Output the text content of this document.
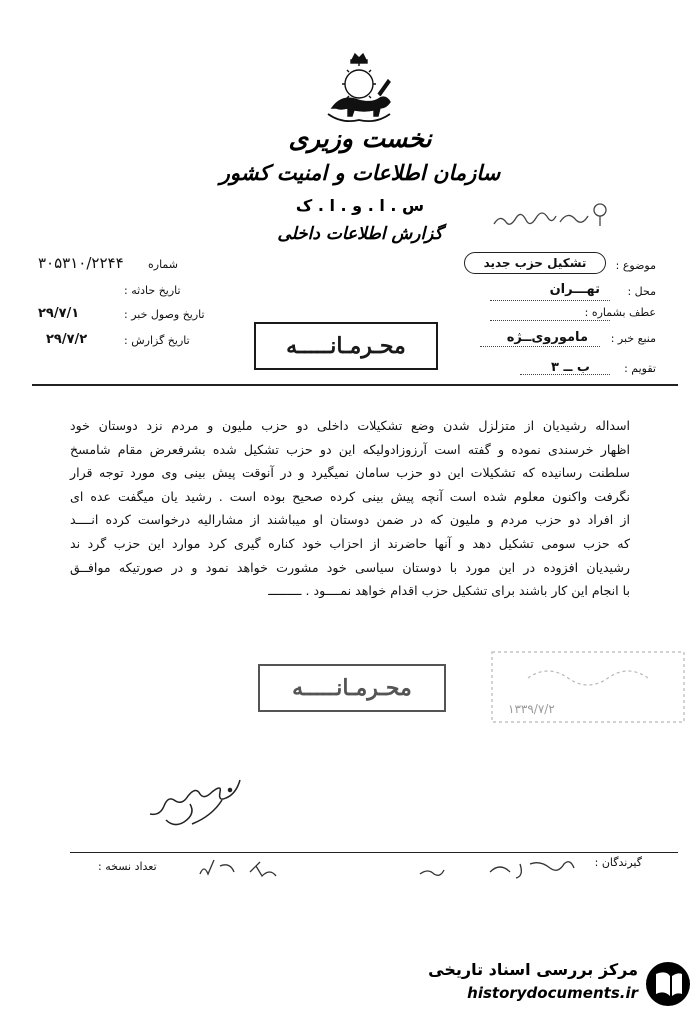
نخست وزیری
سازمان اطلاعات و امنیت کشور
س . ا . و . ا . ک
گزارش اطلاعات داخلی
موضوع :
تشکیل حزب جدید
محل :
تهـــران
عطف بشماره :
منبع خبر :
ماموروی‌ــژه
تقویم :
ب ــ ۳
شماره
۳۰۵۳۱۰/۲۲۴۴
تاریخ حادثه :
تاریخ وصول خبر :
۲۹/۷/۱
تاریخ گزارش :
۲۹/۷/۲	محـرمـانـــــه

اسداله رشیدیان از متزلزل شدن وضع تشکیلات داخلی دو حزب ملیون و مردم نزد دوستان خود

اظهار خرسندی نموده و گفته است آرزوزادولیکه این دو حزب تشکیل شده بشرفعرض مقام شامسخ

سلطنت رسانیده که تشکیلات این دو حزب سامان نمیگیرد و در آنوقت پیش بینی وی مورد توجه قرار

نگرفت واکنون معلوم شده است آنچه پیش بینی کرده صحیح بوده است . رشید یان میگفت عده ای

از افراد دو حزب مردم و ملیون که در ضمن دوستان او میباشند از مشارالیه درخواست کرده انــــد

که حزب سومی تشکیل دهد و آنها حاضرند از احزاب خود کناره گیری کرد موارد این حزب گرد ند

رشیدیان افزوده در این مورد با دوستان سیاسی خود مشورت خواهد نمود و در صورتیکه موافــق

با انجام این کار باشند برای تشکیل حزب اقدام خواهد نمــــود . ـــــــــ

۱۳۳۹/۷/۲
محـرمـانـــــه
گیرندگان :
تعداد نسخه :
مرکز بررسی اسناد تاریخی
historydocuments.ir
